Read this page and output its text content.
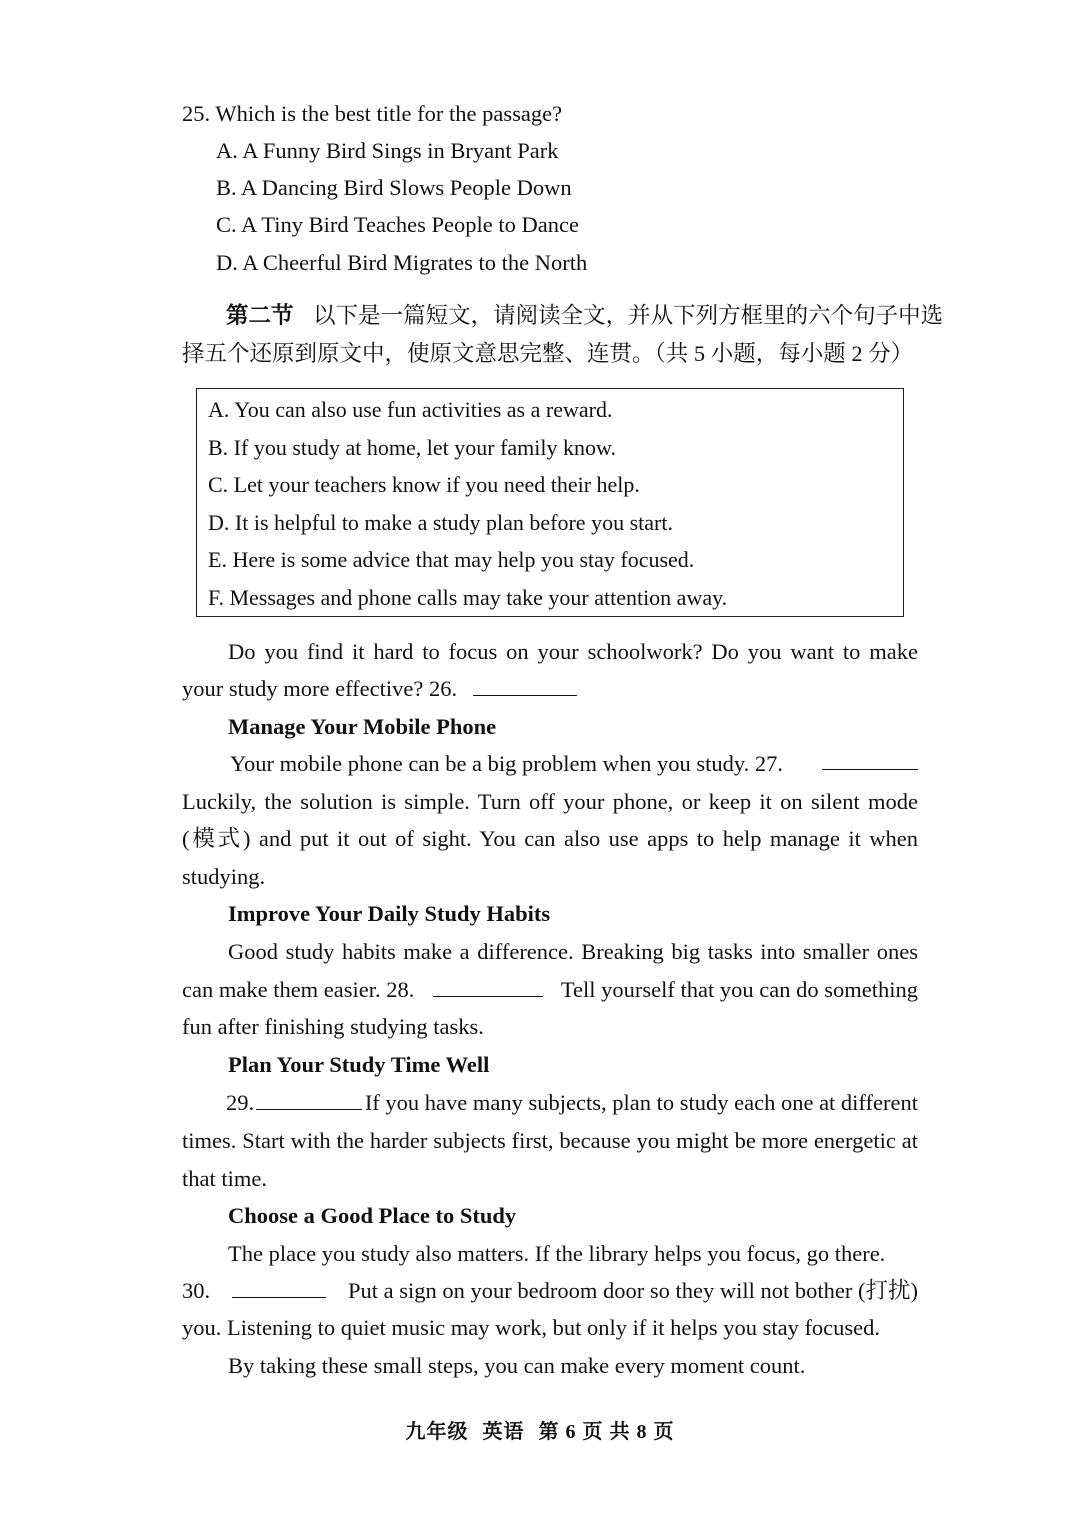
25. Which is the best title for the passage?
A. A Funny Bird Sings in Bryant Park
B. A Dancing Bird Slows People Down
C. A Tiny Bird Teaches People to Dance
D. A Cheerful Bird Migrates to the North
第二节 以下是一篇短文，请阅读全文，并从下列方框里的六个句子中选
择五个还原到原文中，使原文意思完整、连贯。（共 5 小题，每小题 2 分）
A. You can also use fun activities as a reward.
B. If you study at home, let your family know.
C. Let your teachers know if you need their help.
D. It is helpful to make a study plan before you start.
E. Here is some advice that may help you stay focused.
F. Messages and phone calls may take your attention away.
Do you find it hard to focus on your schoolwork? Do you want to make
your study more effective? 26.
Manage Your Mobile Phone
Your mobile phone can be a big problem when you study. 27.
Luckily, the solution is simple. Turn off your phone, or keep it on silent mode
(模式) and put it out of sight. You can also use apps to help manage it when
studying.
Improve Your Daily Study Habits
Good study habits make a difference. Breaking big tasks into smaller ones
can make them easier. 28.	Tell yourself that you can do something
fun after finishing studying tasks.
Plan Your Study Time Well
29.	If you have many subjects, plan to study each one at different
times. Start with the harder subjects first, because you might be more energetic at
that time.
Choose a Good Place to Study
The place you study also matters. If the library helps you focus, go there.
30.	Put a sign on your bedroom door so they will not bother (打扰)
you. Listening to quiet music may work, but only if it helps you stay focused.
By taking these small steps, you can make every moment count.
九年级 英语 第 6 页 共 8 页
